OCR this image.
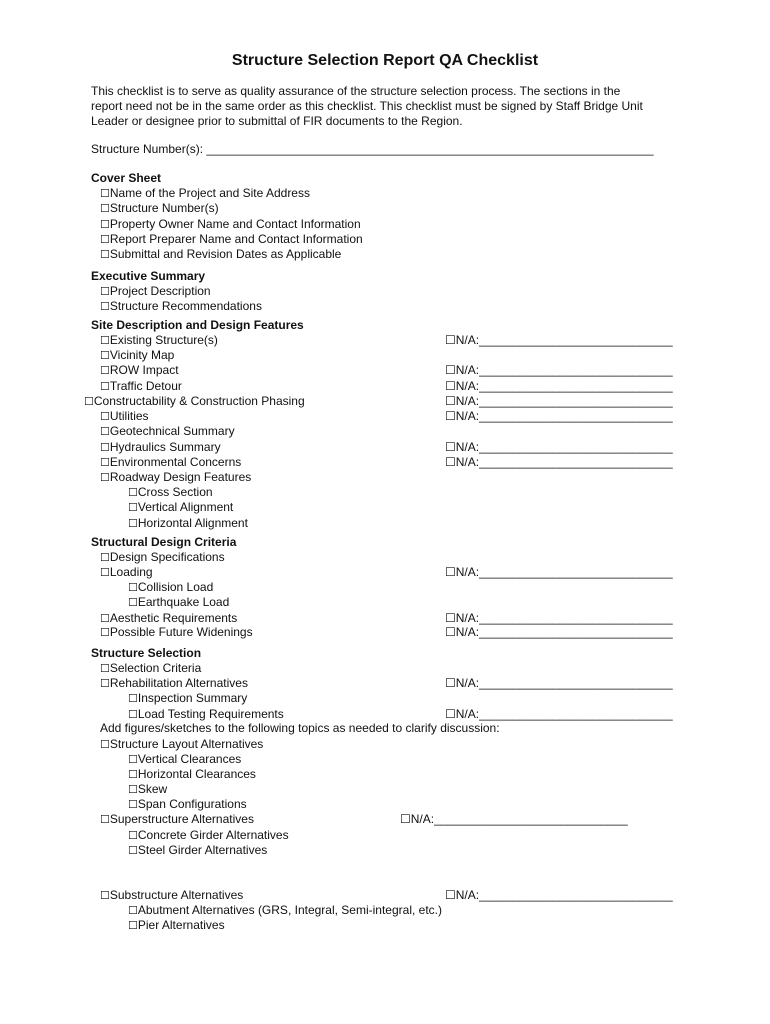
Structure Selection Report QA Checklist
This checklist is to serve as quality assurance of the structure selection process. The sections in the
report need not be in the same order as this checklist. This checklist must be signed by Staff Bridge Unit
Leader or designee prior to submittal of FIR documents to the Region.
Structure Number(s): ___________________________________________________________________
Cover Sheet
☐Name of the Project and Site Address
☐Structure Number(s)
☐Property Owner Name and Contact Information
☐Report Preparer Name and Contact Information
☐Submittal and Revision Dates as Applicable
Executive Summary
☐Project Description
☐Structure Recommendations
Site Description and Design Features
☐Existing Structure(s)	☐N/A:_____________________________
☐Vicinity Map
☐ROW Impact	☐N/A:_____________________________
☐Traffic Detour	☐N/A:_____________________________
☐Constructability & Construction Phasing	☐N/A:_____________________________
☐Utilities	☐N/A:_____________________________
☐Geotechnical Summary
☐Hydraulics Summary	☐N/A:_____________________________
☐Environmental Concerns	☐N/A:_____________________________
☐Roadway Design Features
☐Cross Section
☐Vertical Alignment
☐Horizontal Alignment
Structural Design Criteria
☐Design Specifications
☐Loading	☐N/A:_____________________________
☐Collision Load
☐Earthquake Load
☐Aesthetic Requirements	☐N/A:_____________________________
☐Possible Future Widenings	☐N/A:_____________________________
Structure Selection
☐Selection Criteria
☐Rehabilitation Alternatives	☐N/A:_____________________________
☐Inspection Summary
☐Load Testing Requirements	☐N/A:_____________________________
Add figures/sketches to the following topics as needed to clarify discussion:
☐Structure Layout Alternatives
☐Vertical Clearances
☐Horizontal Clearances
☐Skew
☐Span Configurations
☐Superstructure Alternatives	☐N/A:_____________________________
☐Concrete Girder Alternatives
☐Steel Girder Alternatives
☐Substructure Alternatives	☐N/A:_____________________________
☐Abutment Alternatives (GRS, Integral, Semi-integral, etc.)
☐Pier Alternatives
